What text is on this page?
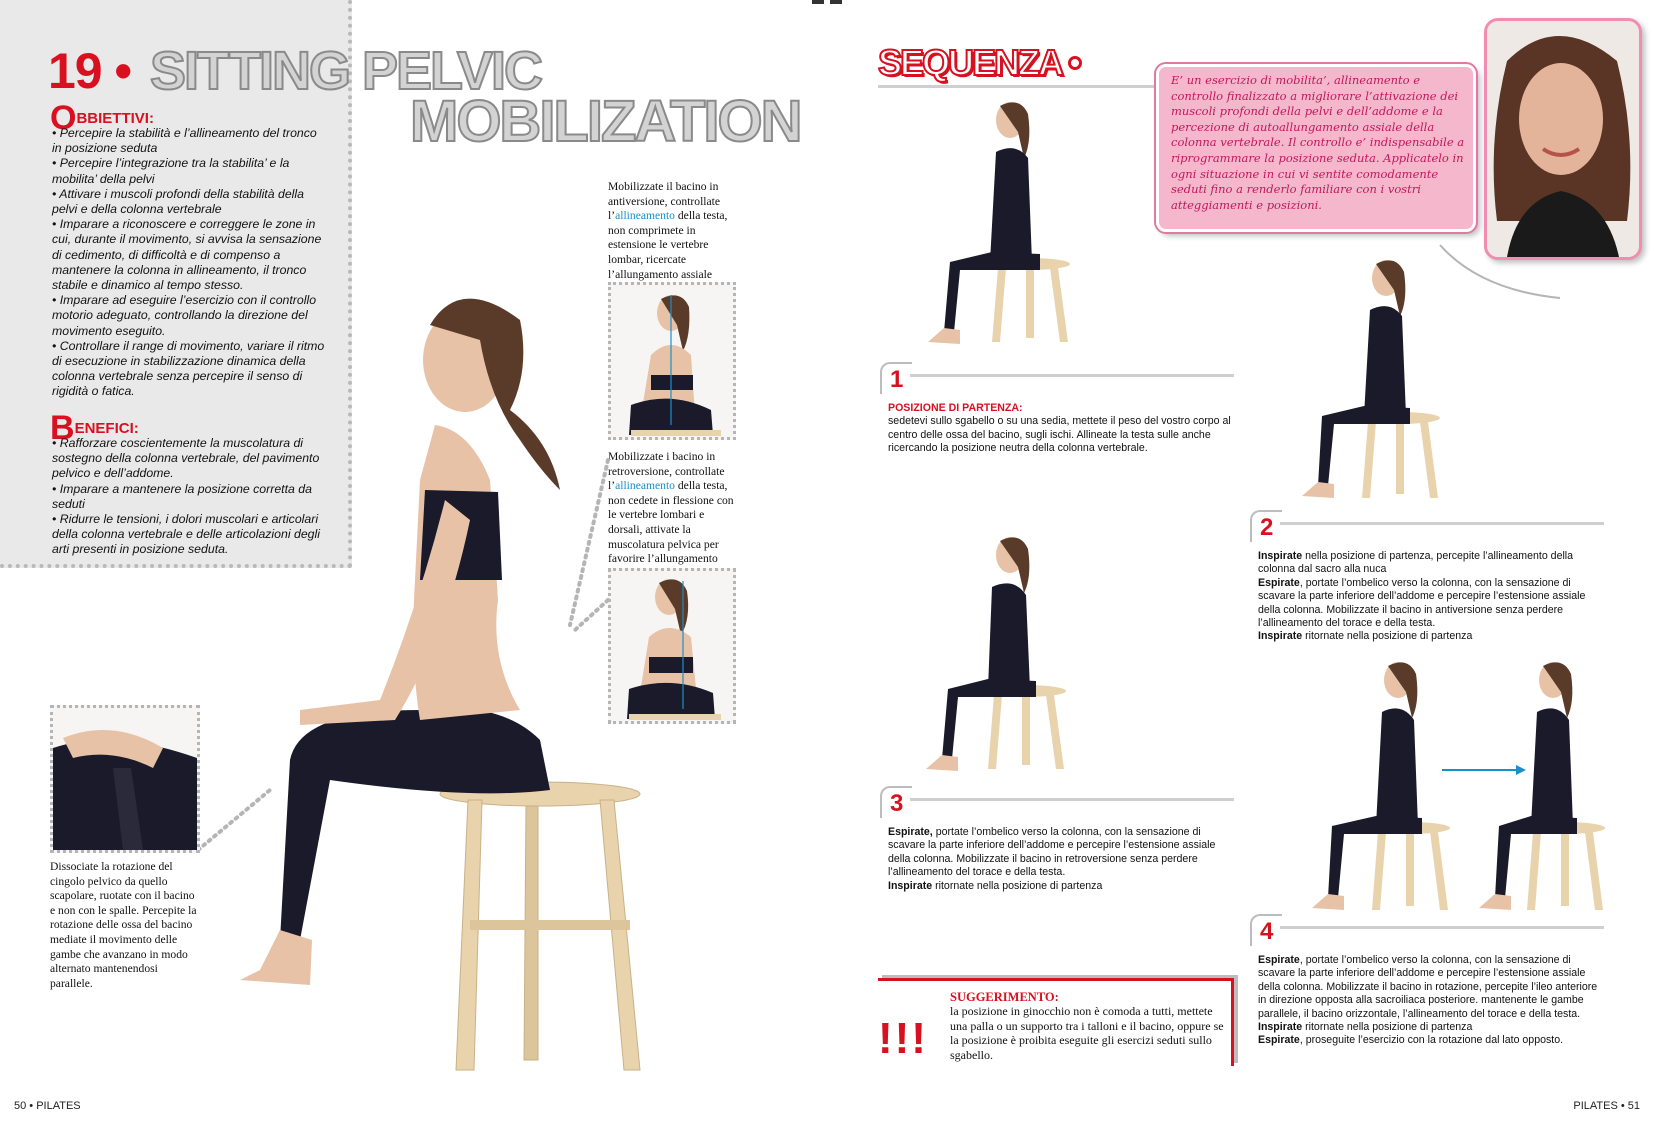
19 • SITTING PELVIC
MOBILIZATION
OBBIETTIVI:

• Percepire la stabilità e l’allineamento del tronco in posizione seduta

• Percepire l’integrazione tra la stabilita’ e la mobilita’ della pelvi

• Attivare i muscoli profondi della stabilità della pelvi e della colonna vertebrale

• Imparare a riconoscere e correggere le zone in cui, durante il movimento, si avvisa la sensazione di cedimento, di difficoltà e di compenso a mantenere la colonna in allineamento, il tronco stabile e dinamico al tempo stesso.

• Imparare ad eseguire l’esercizio con il controllo motorio adeguato, controllando la direzione del movimento eseguito.

• Controllare il range di movimento, variare il ritmo di esecuzione in stabilizzazione dinamica della colonna vertebrale senza percepire il senso di rigidità o fatica.

BENEFICI:

• Rafforzare coscientemente la muscolatura di sostegno della colonna vertebrale, del pavimento pelvico e dell’addome.

• Imparare a mantenere la posizione corretta da seduti

• Ridurre le tensioni, i dolori muscolari e articolari della colonna vertebrale e delle articolazioni degli arti presenti in posizione seduta.

Mobilizzate il bacino in antiversione, controllate l’allineamento della testa, non comprimete in estensione le vertebre lombar, ricercate l’allungamento assiale
Mobilizzate i bacino in retroversione, controllate l’allineamento della testa, non cedete in flessione con le vertebre lombari e dorsali, attivate la muscolatura pelvica per favorire l’allungamento
Dissociate la rotazione del cingolo pelvico da quello scapolare, ruotate con il bacino e non con le spalle. Percepite la rotazione delle ossa del bacino mediate il movimento delle gambe che avanzano in modo alternato mantenendosi parallele.
50 • PILATES
SEQUENZA	E’ un esercizio di mobilita’, allineamento e controllo finalizzato a migliorare l’attivazione dei muscoli profondi della pelvi e dell’addome e la percezione di autoallungamento assiale della colonna vertebrale. Il controllo e’ indispensabile a riprogrammare la posizione seduta. Applicatelo in ogni situazione in cui vi sentite comodamente seduti fino a renderlo familiare con i vostri atteggiamenti e posizioni.
1
POSIZIONE DI PARTENZA:
sedetevi sullo sgabello o su una sedia, mettete il peso del vostro corpo al centro delle ossa del bacino, sugli ischi. Allineate la testa sulle anche ricercando la posizione neutra della colonna vertebrale.
2
Inspirate nella posizione di partenza, percepite l’allineamento della colonna dal sacro alla nuca
Espirate, portate l’ombelico verso la colonna, con la sensazione di scavare la parte inferiore dell’addome e percepire l’estensione assiale della colonna. Mobilizzate il bacino in antiversione senza perdere l’allineamento del torace e della testa.
Inspirate ritornate nella posizione di partenza
3
Espirate, portate l’ombelico verso la colonna, con la sensazione di scavare la parte inferiore dell’addome e percepire l’estensione assiale della colonna. Mobilizzate il bacino in retroversione senza perdere l’allineamento del torace e della testa.
Inspirate ritornate nella posizione di partenza
4
Espirate, portate l’ombelico verso la colonna, con la sensazione di scavare la parte inferiore dell’addome e percepire l’estensione assiale della colonna. Mobilizzate il bacino in rotazione, percepite l’ileo anteriore in direzione opposta alla sacroiliaca posteriore. mantenente le gambe parallele, il bacino orizzontale, l’allineamento del torace e della testa.
Inspirate ritornate nella posizione di partenza
Espirate, proseguite l’esercizio con la rotazione dal lato opposto.
!!!
SUGGERIMENTO:
la posizione in ginocchio non è comoda a tutti, mettete una palla o un supporto tra i talloni e il bacino, oppure se la posizione è proibita eseguite gli esercizi seduti sullo sgabello.
PILATES • 51
